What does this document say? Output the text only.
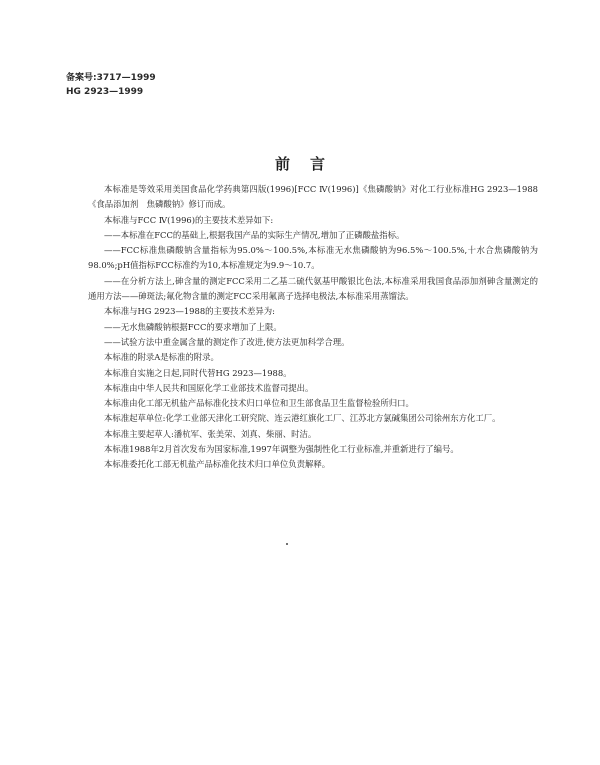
备案号:3717—1999
HG 2923—1999
前言

本标准是等效采用美国食品化学药典第四版(1996)[FCC Ⅳ(1996)]《焦磷酸钠》对化工行业标准HG 2923—1988《食品添加剂　焦磷酸钠》修订而成。

本标准与FCC Ⅳ(1996)的主要技术差异如下:

——本标准在FCC的基础上,根据我国产品的实际生产情况,增加了正磷酸盐指标。

——FCC标准焦磷酸钠含量指标为95.0%～100.5%,本标准无水焦磷酸钠为96.5%～100.5%,十水合焦磷酸钠为98.0%;pH值指标FCC标准约为10,本标准规定为9.9～10.7。

——在分析方法上,砷含量的测定FCC采用二乙基二硫代氨基甲酸银比色法,本标准采用我国食品添加剂砷含量测定的通用方法——砷斑法;氟化物含量的测定FCC采用氟离子选择电极法,本标准采用蒸馏法。

本标准与HG 2923—1988的主要技术差异为:

——无水焦磷酸钠根据FCC的要求增加了上限。

——试验方法中重金属含量的测定作了改进,使方法更加科学合理。

本标准的附录A是标准的附录。

本标准自实施之日起,同时代替HG 2923—1988。

本标准由中华人民共和国原化学工业部技术监督司提出。

本标准由化工部无机盐产品标准化技术归口单位和卫生部食品卫生监督检验所归口。

本标准起草单位:化学工业部天津化工研究院、连云港红旗化工厂、江苏北方氯碱集团公司徐州东方化工厂。

本标准主要起草人:潘杭军、张美荣、刘真、柴丽、时洁。

本标准1988年2月首次发布为国家标准,1997年调整为强制性化工行业标准,并重新进行了编号。

本标准委托化工部无机盐产品标准化技术归口单位负责解释。
